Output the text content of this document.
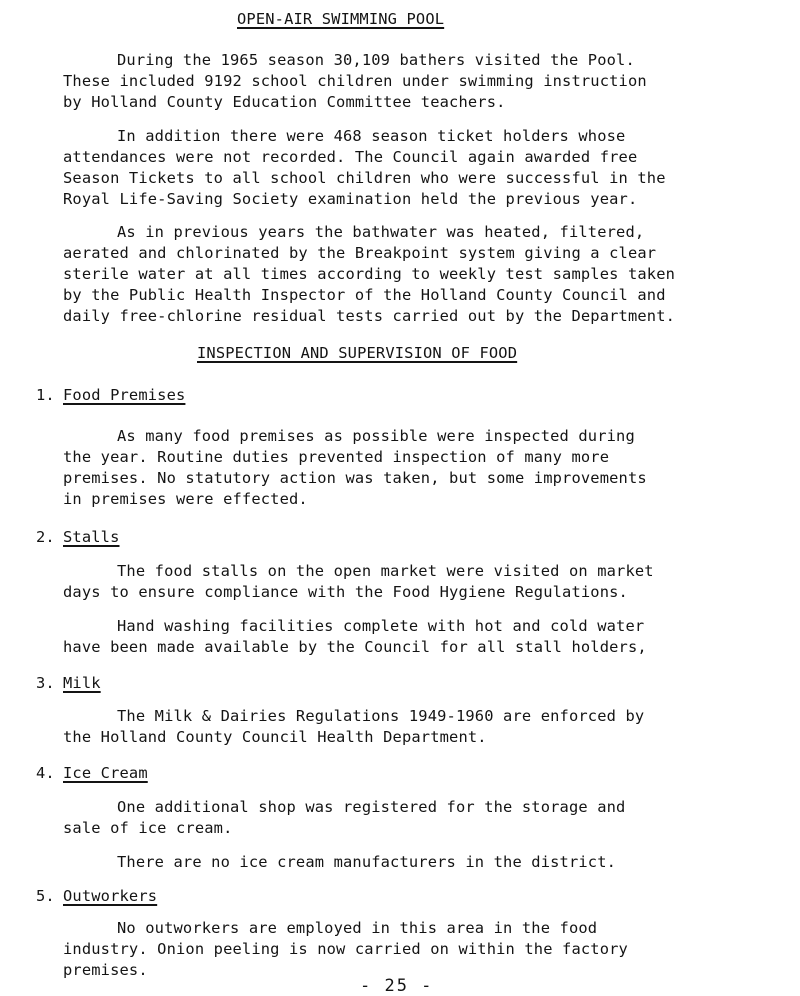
OPEN-AIR SWIMMING POOL
During the 1965 season 30,109 bathers visited the Pool.
These included 9192 school children under swimming instruction
by Holland County Education Committee teachers.
In addition there were 468 season ticket holders whose
attendances were not recorded. The Council again awarded free
Season Tickets to all school children who were successful in the
Royal Life-Saving Society examination held the previous year.
As in previous years the bathwater was heated, filtered,
aerated and chlorinated by the Breakpoint system giving a clear
sterile water at all times according to weekly test samples taken
by the Public Health Inspector of the Holland County Council and
daily free-chlorine residual tests carried out by the Department.
INSPECTION AND SUPERVISION OF FOOD
1. Food Premises
As many food premises as possible were inspected during
the year. Routine duties prevented inspection of many more
premises. No statutory action was taken, but some improvements
in premises were effected.
2. Stalls
The food stalls on the open market were visited on market
days to ensure compliance with the Food Hygiene Regulations.
Hand washing facilities complete with hot and cold water
have been made available by the Council for all stall holders,
3. Milk
The Milk & Dairies Regulations 1949-1960 are enforced by
the Holland County Council Health Department.
4. Ice Cream
One additional shop was registered for the storage and
sale of ice cream.
There are no ice cream manufacturers in the district.
5. Outworkers
No outworkers are employed in this area in the food
industry. Onion peeling is now carried on within the factory
premises.
- 25 -
